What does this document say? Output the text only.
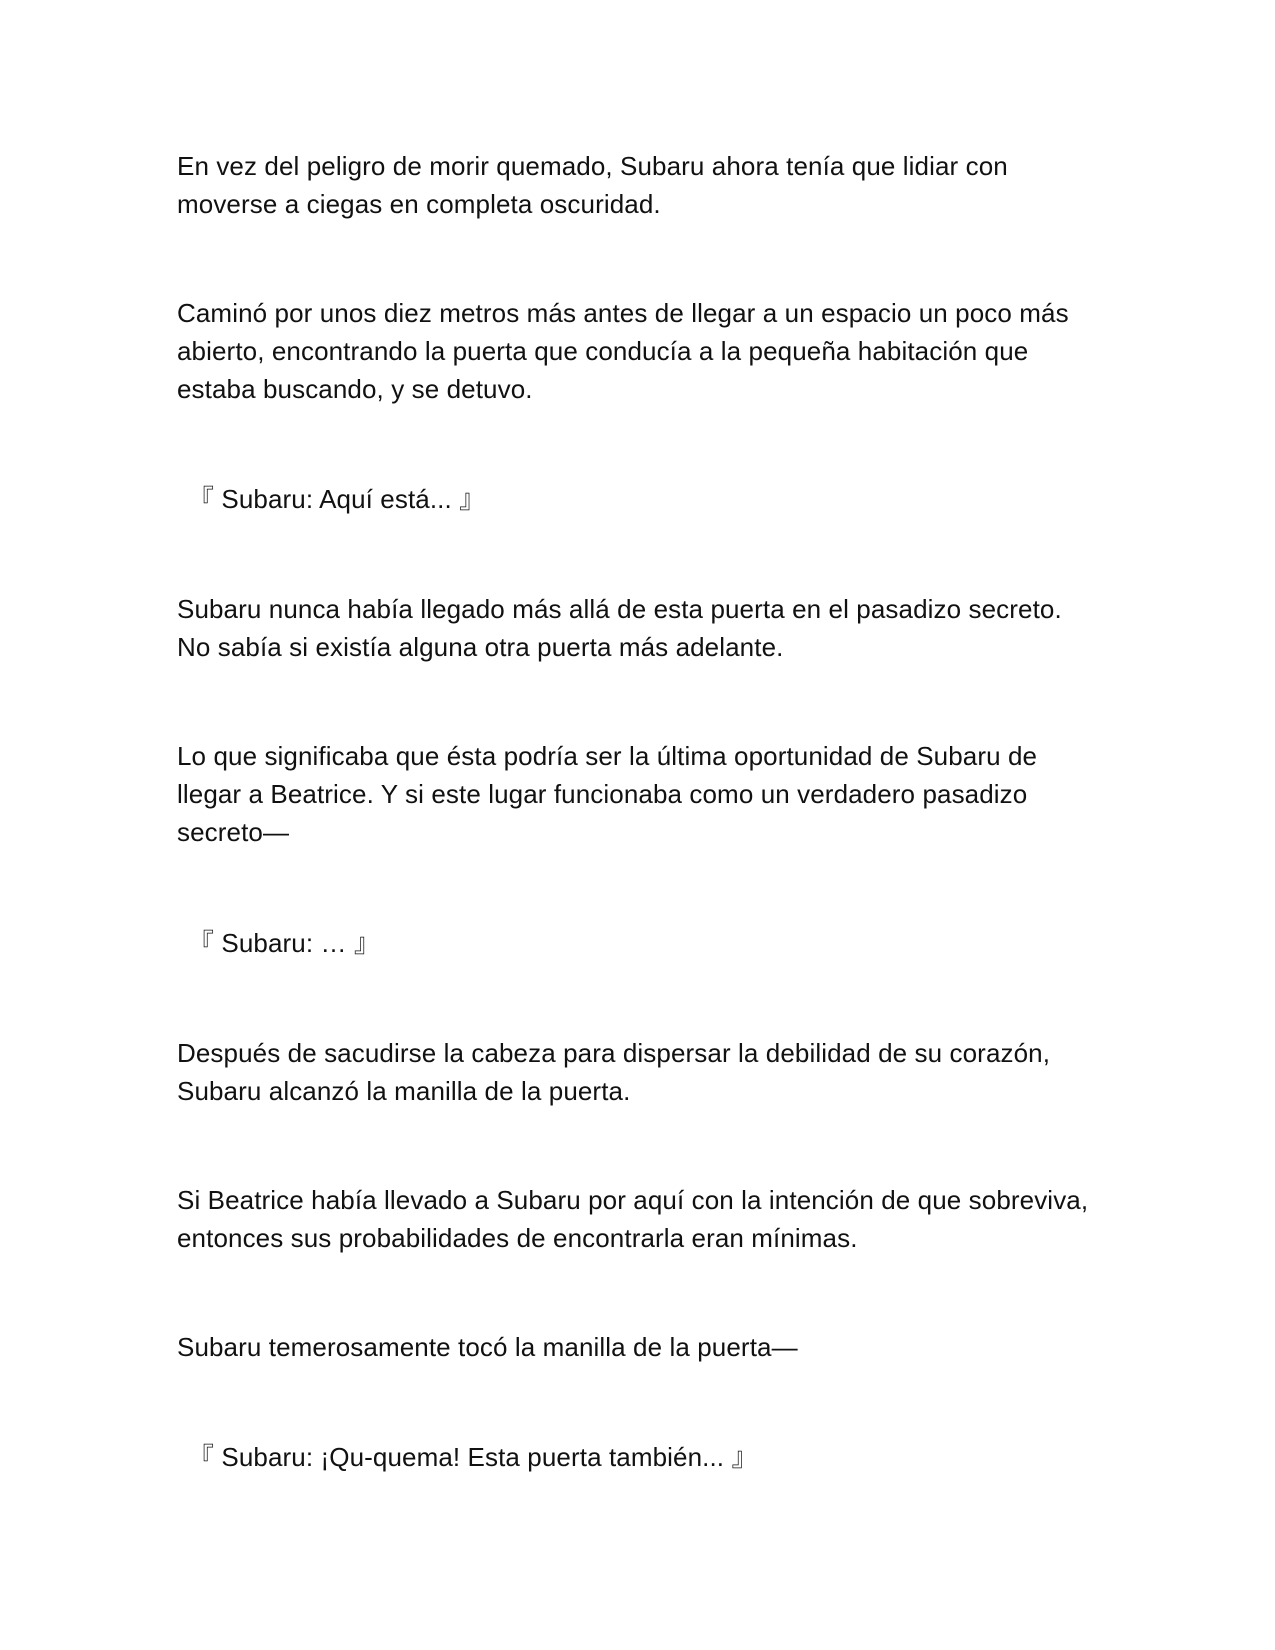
En vez del peligro de morir quemado, Subaru ahora tenía que lidiar con

moverse a ciegas en completa oscuridad.

Caminó por unos diez metros más antes de llegar a un espacio un poco más

abierto, encontrando la puerta que conducía a la pequeña habitación que

estaba buscando, y se detuvo.

『 Subaru: Aquí está... 』

Subaru nunca había llegado más allá de esta puerta en el pasadizo secreto.

No sabía si existía alguna otra puerta más adelante.

Lo que significaba que ésta podría ser la última oportunidad de Subaru de

llegar a Beatrice. Y si este lugar funcionaba como un verdadero pasadizo

secreto—

『 Subaru: … 』

Después de sacudirse la cabeza para dispersar la debilidad de su corazón,

Subaru alcanzó la manilla de la puerta.

Si Beatrice había llevado a Subaru por aquí con la intención de que sobreviva,

entonces sus probabilidades de encontrarla eran mínimas.

Subaru temerosamente tocó la manilla de la puerta—

『 Subaru: ¡Qu-quema! Esta puerta también... 』
